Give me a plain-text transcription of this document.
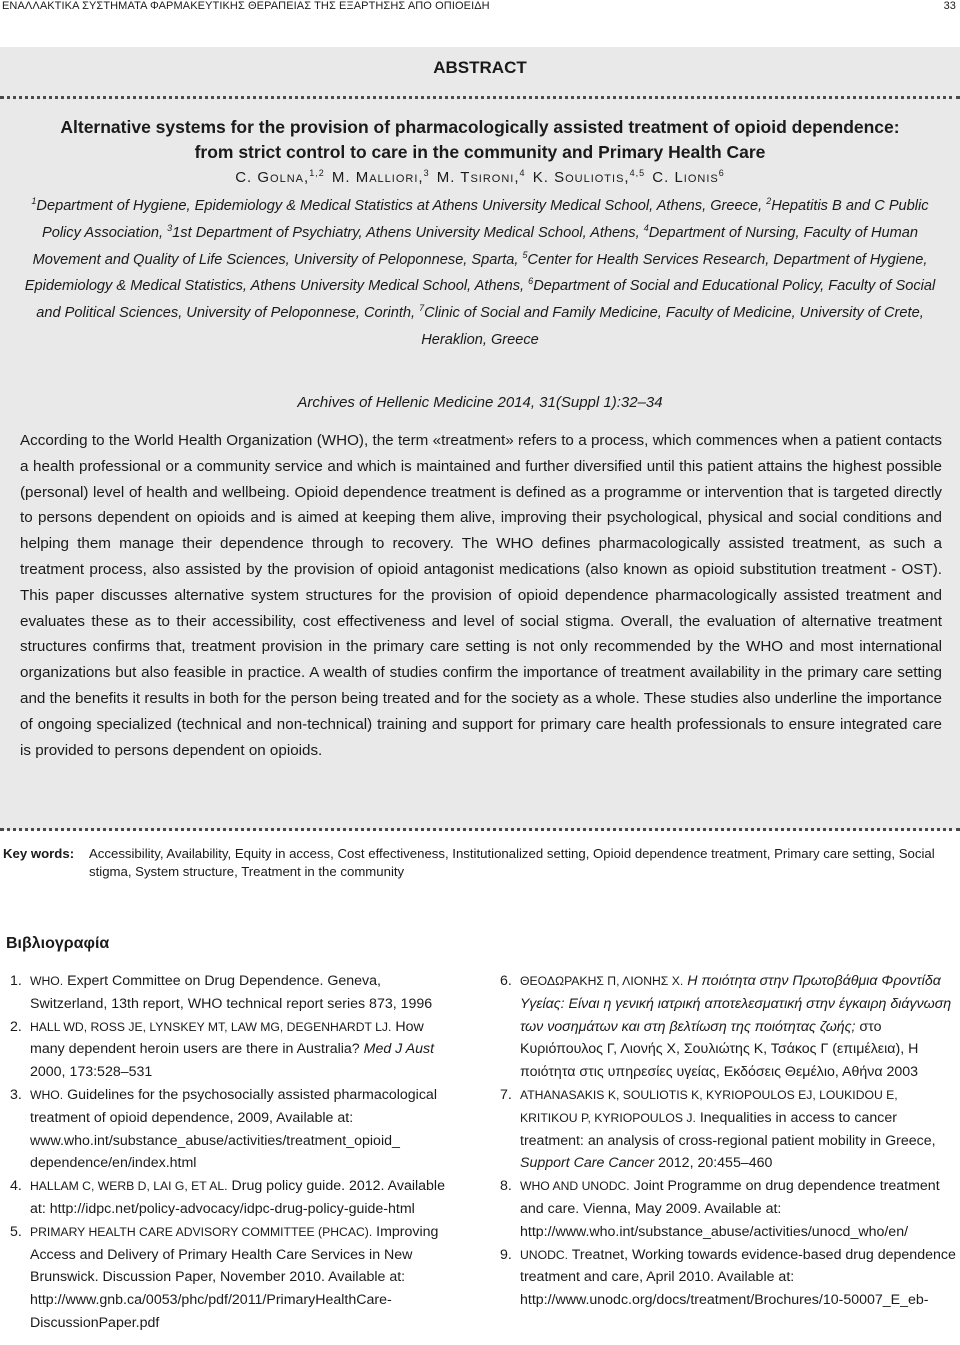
ΕΝΑΛΛΑΚΤΙΚΑ ΣΥΣΤΗΜΑΤΑ ΦΑΡΜΑΚΕΥΤΙΚΗΣ ΘΕΡΑΠΕΙΑΣ ΤΗΣ ΕΞΑΡΤΗΣΗΣ ΑΠΟ ΟΠΙΟΕΙΔΗ	33
ABSTRACT
Alternative systems for the provision of pharmacologically assisted treatment of opioid dependence:
from strict control to care in the community and Primary Health Care
C. Golna,$^{1,2}$ M. Malliori,$^3$ M. Tsironi,$^4$ K. Souliotis,$^{4,5}$ C. Lionis$^6$
$^1$Department of Hygiene, Epidemiology & Medical Statistics at Athens University Medical School, Athens, Greece, $^2$Hepatitis B and C Public Policy Association, $^3$1st Department of Psychiatry, Athens University Medical School, Athens, $^4$Department of Nursing, Faculty of Human Movement and Quality of Life Sciences, University of Peloponnese, Sparta, $^5$Center for Health Services Research, Department of Hygiene, Epidemiology & Medical Statistics, Athens University Medical School, Athens, $^6$Department of Social and Educational Policy, Faculty of Social and Political Sciences, University of Peloponnese, Corinth, $^7$Clinic of Social and Family Medicine, Faculty of Medicine, University of Crete, Heraklion, Greece
Archives of Hellenic Medicine 2014, 31(Suppl 1):32–34
According to the World Health Organization (WHO), the term «treatment» refers to a process, which commences when a patient contacts a health professional or a community service and which is maintained and further diversified until this patient attains the highest possible (personal) level of health and wellbeing. Opioid dependence treatment is defined as a programme or intervention that is targeted directly to persons dependent on opioids and is aimed at keeping them alive, improving their psychological, physical and social conditions and helping them manage their dependence through to recovery. The WHO defines pharmacologically assisted treatment, as such a treatment process, also assisted by the provision of opioid antagonist medications (also known as opioid substitution treatment - OST). This paper discusses alternative system structures for the provision of opioid dependence pharmacologically assisted treatment and evaluates these as to their accessibility, cost effectiveness and level of social stigma. Overall, the evaluation of alternative treatment structures confirms that, treatment provision in the primary care setting is not only recommended by the WHO and most international organizations but also feasible in practice. A wealth of studies confirm the importance of treatment availability in the primary care setting and the benefits it results in both for the person being treated and for the society as a whole. These studies also underline the importance of ongoing specialized (technical and non-technical) training and support for primary care health professionals to ensure integrated care is provided to persons dependent on opioids.
Key words:	Accessibility, Availability, Equity in access, Cost effectiveness, Institutionalized setting, Opioid dependence treatment, Primary care setting, Social stigma, System structure, Treatment in the community
Βιβλιογραφία
1. WHO. Expert Committee on Drug Dependence. Geneva, Switzerland, 13th report, WHO technical report series 873, 1996
2. HALL WD, ROSS JE, LYNSKEY MT, LAW MG, DEGENHARDT LJ. How many dependent heroin users are there in Australia? Med J Aust 2000, 173:528–531
3. WHO. Guidelines for the psychosocially assisted pharmacological treatment of opioid dependence, 2009, Available at: www.who.int/substance_abuse/activities/treatment_opioid_ dependence/en/index.html
4. HALLAM C, WERB D, LAI G, ET AL. Drug policy guide. 2012. Available at: http://idpc.net/policy-advocacy/idpc-drug-policy-guide-html
5. PRIMARY HEALTH CARE ADVISORY COMMITTEE (PHCAC). Improving Access and Delivery of Primary Health Care Services in New Brunswick. Discussion Paper, November 2010. Available at: http://www.gnb.ca/0053/phc/pdf/2011/PrimaryHealthCare-DiscussionPaper.pdf
6. ΘΕΟΔΩΡΑΚΗΣ Π, ΛΙΟΝΗΣ Χ. Η ποιότητα στην Πρωτοβάθμια Φροντίδα Υγείας: Είναι η γενική ιατρική αποτελεσματική στην έγκαιρη διάγνωση των νοσημάτων και στη βελτίωση της ποιότητας ζωής; στο Κυριόπουλος Γ, Λιονής Χ, Σουλιώτης Κ, Τσάκος Γ (επιμέλεια), Η ποιότητα στις υπηρεσίες υγείας, Εκδόσεις Θεμέλιο, Αθήνα 2003
7. ATHANASAKIS K, SOULIOTIS K, KYRIOPOULOS EJ, LOUKIDOU E, KRITIKOU P, KYRIOPOULOS J. Inequalities in access to cancer treatment: an analysis of cross-regional patient mobility in Greece, Support Care Cancer 2012, 20:455–460
8. WHO AND UNODC. Joint Programme on drug dependence treatment and care. Vienna, May 2009. Available at: http://www.who.int/substance_abuse/activities/unocd_who/en/
9. UNODC. Treatnet, Working towards evidence-based drug dependence treatment and care, April 2010. Available at: http://www.unodc.org/docs/treatment/Brochures/10-50007_E_eb-
